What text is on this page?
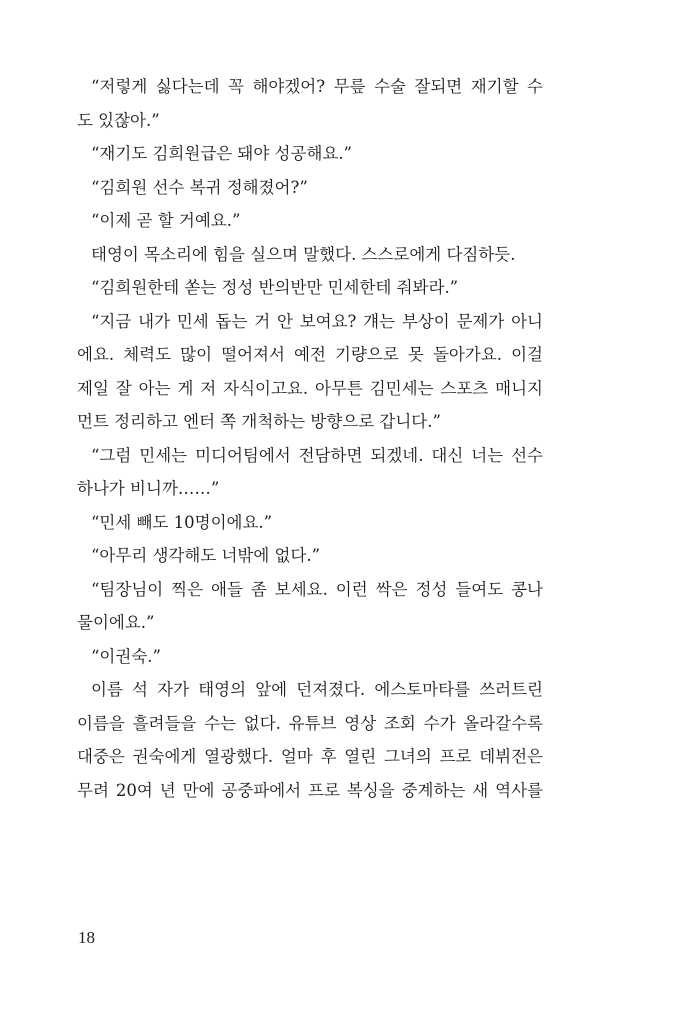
“저렇게 싫다는데 꼭 해야겠어? 무릎 수술 잘되면 재기할 수
도 있잖아.”
“재기도 김희원급은 돼야 성공해요.”
“김희원 선수 복귀 정해졌어?”
“이제 곧 할 거예요.”
태영이 목소리에 힘을 실으며 말했다. 스스로에게 다짐하듯.
“김희원한테 쏟는 정성 반의반만 민세한테 줘봐라.”
“지금 내가 민세 돕는 거 안 보여요? 걔는 부상이 문제가 아니
에요. 체력도 많이 떨어져서 예전 기량으로 못 돌아가요. 이걸
제일 잘 아는 게 저 자식이고요. 아무튼 김민세는 스포츠 매니지
먼트 정리하고 엔터 쪽 개척하는 방향으로 갑니다.”
“그럼 민세는 미디어팀에서 전담하면 되겠네. 대신 너는 선수
하나가 비니까……”
“민세 빼도 10명이에요.”
“아무리 생각해도 너밖에 없다.”
“팀장님이 찍은 애들 좀 보세요. 이런 싹은 정성 들여도 콩나
물이에요.”
“이권숙.”
이름 석 자가 태영의 앞에 던져졌다. 에스토마타를 쓰러트린
이름을 흘려들을 수는 없다. 유튜브 영상 조회 수가 올라갈수록
대중은 권숙에게 열광했다. 얼마 후 열린 그녀의 프로 데뷔전은
무려 20여 년 만에 공중파에서 프로 복싱을 중계하는 새 역사를
18
